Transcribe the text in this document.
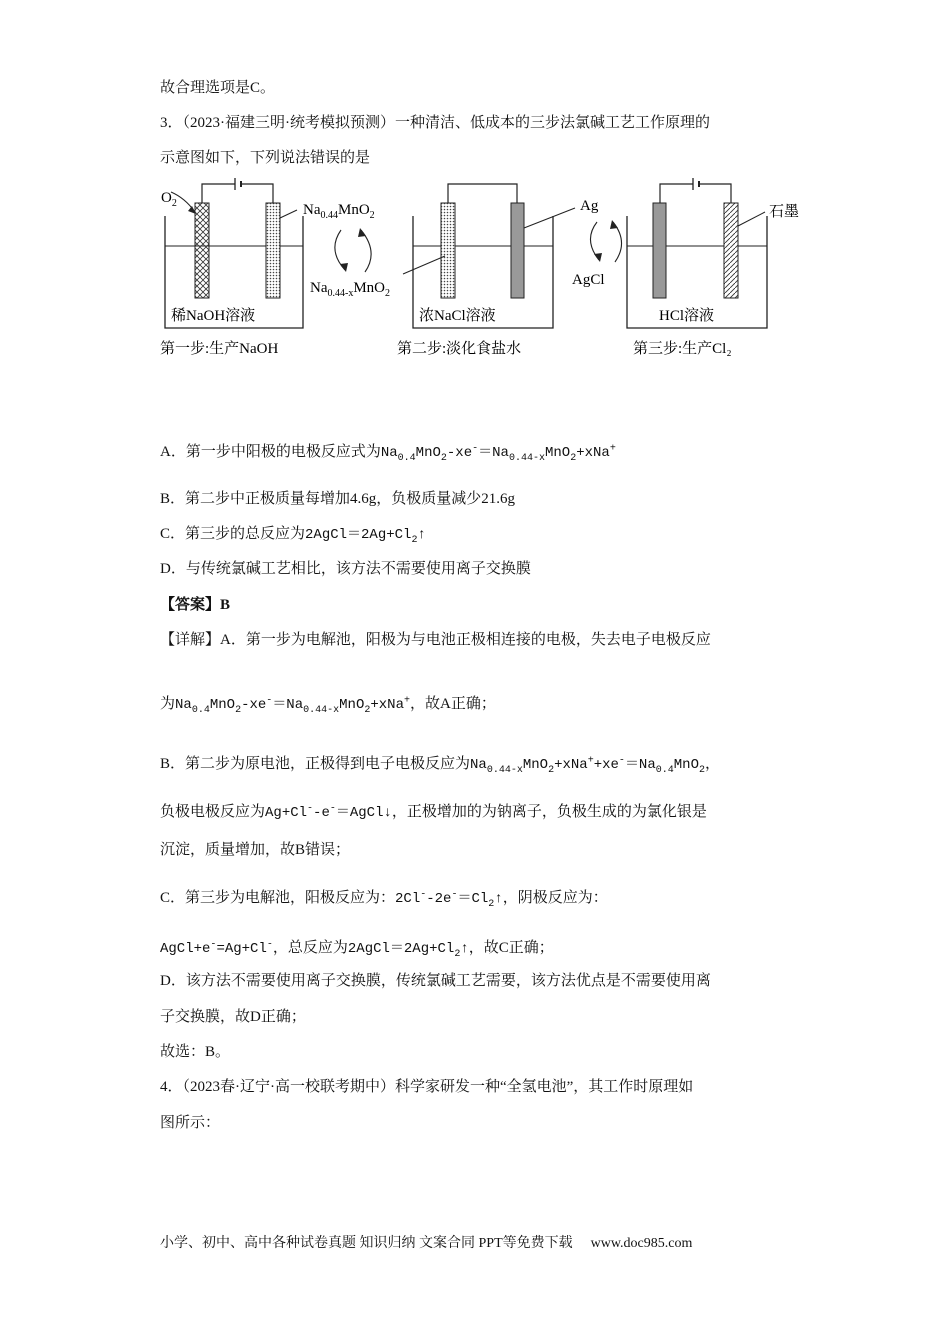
故合理选项是C。
3．（2023·福建三明·统考模拟预测）一种清洁、低成本的三步法氯碱工艺工作原理的
示意图如下，下列说法错误的是
$O_2$	$Na_{0.44}MnO_2$
$Na_{0.44-x}MnO_2$
稀NaOH溶液
Ag
AgCl
浓NaCl溶液
石墨
HCl溶液
第一步:生产NaOH	第二步:淡化食盐水	第三步:生产Cl₂
A．第一步中阳极的电极反应式为$Na_{0.4}MnO_2-xe^-=Na_{0.44-x}MnO_2+xNa^+$
B．第二步中正极质量每增加4.6g，负极质量减少21.6g
C．第三步的总反应为$2AgCl=2Ag+Cl_2↑$
D．与传统氯碱工艺相比，该方法不需要使用离子交换膜
【答案】B
【详解】A．第一步为电解池，阳极为与电池正极相连接的电极，失去电子电极反应
为$Na_{0.4}MnO_2-xe^-=Na_{0.44-x}MnO_2+xNa^+$，故A正确；
B．第二步为原电池，正极得到电子电极反应为$Na_{0.44-x}MnO_2+xNa^++xe^-=Na_{0.4}MnO_2$，
负极电极反应为Ag+Cl--e-＝AgCl↓，正极增加的为钠离子，负极生成的为氯化银是
沉淀，质量增加，故B错误；
C．第三步为电解池，阳极反应为：$2Cl^--2e^-=Cl_2↑$，阴极反应为：
AgCl+e-=Ag+Cl-，总反应为$2AgCl=2Ag+Cl_2↑$，故C正确；
D．该方法不需要使用离子交换膜，传统氯碱工艺需要，该方法优点是不需要使用离
子交换膜，故D正确；
故选：B。
4．（2023春·辽宁·高一校联考期中）科学家研发一种“全氢电池”，其工作时原理如
图所示：
小学、初中、高中各种试卷真题 知识归纳 文案合同 PPT等免费下载 www.doc985.com
